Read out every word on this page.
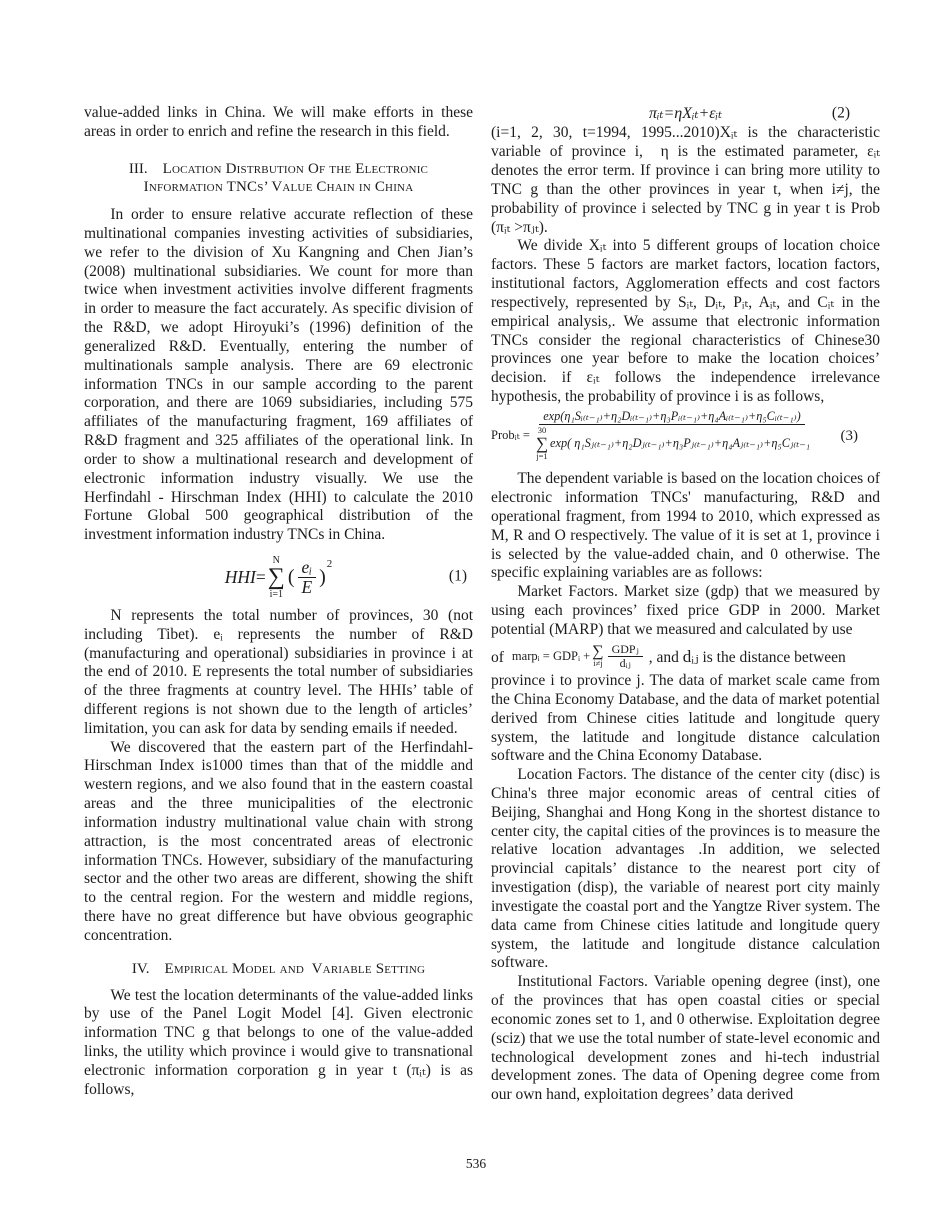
value-added links in China. We will make efforts in these areas in order to enrich and refine the research in this field.

III. Location Distrbution Of the Electronic Information TNCs’ Value Chain in China

In order to ensure relative accurate reflection of these multinational companies investing activities of subsidiaries, we refer to the division of Xu Kangning and Chen Jian’s (2008) multinational subsidiaries. We count for more than twice when investment activities involve different fragments in order to measure the fact accurately. As specific division of the R&D, we adopt Hiroyuki’s (1996) definition of the generalized R&D. Eventually, entering the number of multinationals sample analysis. There are 69 electronic information TNCs in our sample according to the parent corporation, and there are 1069 subsidiaries, including 575 affiliates of the manufacturing fragment, 169 affiliates of R&D fragment and 325 affiliates of the operational link. In order to show a multinational research and development of electronic information industry visually. We use the Herfindahl - Hirschman Index (HHI) to calculate the 2010 Fortune Global 500 geographical distribution of the investment information industry TNCs in China.

HHI =
N
∑
i=1
( $\frac{\text{eᵢ}}{E}$ )
2
(1)

N represents the total number of provinces, 30 (not including Tibet). eᵢ represents the number of R&D (manufacturing and operational) subsidiaries in province i at the end of 2010. E represents the total number of subsidiaries of the three fragments at country level. The HHIs’ table of different regions is not shown due to the length of articles’ limitation, you can ask for data by sending emails if needed.

We discovered that the eastern part of the Herfindahl-Hirschman Index is1000 times than that of the middle and western regions, and we also found that in the eastern coastal areas and the three municipalities of the electronic information industry multinational value chain with strong attraction, is the most concentrated areas of electronic information TNCs. However, subsidiary of the manufacturing sector and the other two areas are different, showing the shift to the central region. For the western and middle regions, there have no great difference but have obvious geographic concentration.

IV. Empirical Model and  Variable Setting

We test the location determinants of the value-added links by use of the Panel Logit Model [4]. Given electronic information TNC g that belongs to one of the value-added links, the utility which province i would give to transnational electronic information corporation g in year t (πᵢₜ) is as follows,

πᵢₜ=ηXᵢₜ+εᵢₜ	(2)

(i=1, 2, 30, t=1994, 1995...2010)Xᵢₜ is the characteristic variable of province i,  η is the estimated parameter, εᵢₜ denotes the error term. If province i can bring more utility to TNC g than the other provinces in year t, when i≠j, the probability of province i selected by TNC g in year t is Prob (πᵢₜ >πⱼₜ).

We divide Xᵢₜ into 5 different groups of location choice factors. These 5 factors are market factors, location factors, institutional factors, Agglomeration effects and cost factors respectively, represented by Sᵢₜ, Dᵢₜ, Pᵢₜ, Aᵢₜ, and Cᵢₜ in the empirical analysis,. We assume that electronic information TNCs consider the regional characteristics of Chinese30 provinces one year before to make the location choices’ decision. if εᵢₜ follows the independence irrelevance hypothesis, the probability of province i is as follows,

Probᵢₜ =
exp(η₁Sᵢ₍ₜ₋₁₎+η₂Dᵢ₍ₜ₋₁₎+η₃Pᵢ₍ₜ₋₁₎+η₄Aᵢ₍ₜ₋₁₎+η₅Cᵢ₍ₜ₋₁₎)
30
∑
j=1
exp( η₁Sⱼ₍ₜ₋₁₎+η₂Dⱼ₍ₜ₋₁₎+η₃Pⱼ₍ₜ₋₁₎+η₄Aⱼ₍ₜ₋₁₎+η₅Cⱼ₍ₜ₋₁ (3)

The dependent variable is based on the location choices of electronic information TNCs' manufacturing, R&D and operational fragment, from 1994 to 2010, which expressed as M, R and O respectively. The value of it is set at 1, province i is selected by the value-added chain, and 0 otherwise. The specific explaining variables are as follows:

Market Factors. Market size (gdp) that we measured by using each provinces’ fixed price GDP in 2000. Market potential (MARP) that we measured and calculated by use

of marpᵢ = GDPᵢ + ∑
$i\ne j \frac{\text{GDPⱼ}}{\text{dᵢⱼ}}$ , and dᵢⱼ is the distance between

province i to province j. The data of market scale came from the China Economy Database, and the data of market potential derived from Chinese cities latitude and longitude query system, the latitude and longitude distance calculation software and the China Economy Database.

Location Factors. The distance of the center city (disc) is China's three major economic areas of central cities of Beijing, Shanghai and Hong Kong in the shortest distance to center city, the capital cities of the provinces is to measure the relative location advantages .In addition, we selected provincial capitals’ distance to the nearest port city of investigation (disp), the variable of nearest port city mainly investigate the coastal port and the Yangtze River system. The data came from Chinese cities latitude and longitude query system, the latitude and longitude distance calculation software.

Institutional Factors. Variable opening degree (inst), one of the provinces that has open coastal cities or special economic zones set to 1, and 0 otherwise. Exploitation degree (sciz) that we use the total number of state-level economic and technological development zones and hi-tech industrial development zones. The data of Opening degree come from our own hand, exploitation degrees’ data derived

536
